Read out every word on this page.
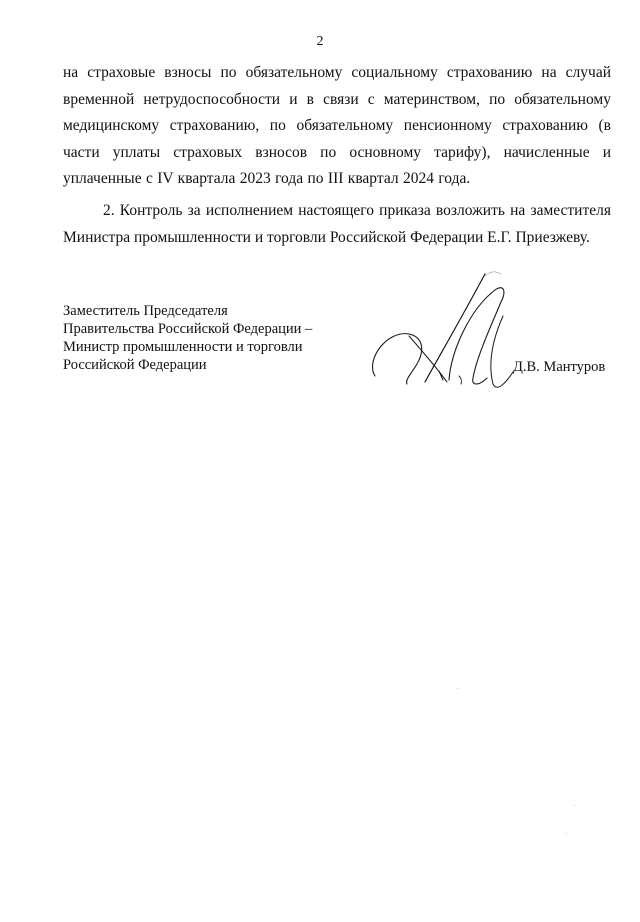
2

на страховые взносы по обязательному социальному страхованию на случай временной нетрудоспособности и в связи с материнством, по обязательному медицинскому страхованию, по обязательному пенсионному страхованию (в части уплаты страховых взносов по основному тарифу), начисленные и уплаченные с IV квартала 2023 года по III квартал 2024 года.

2. Контроль за исполнением настоящего приказа возложить на заместителя Министра промышленности и торговли Российской Федерации Е.Г. Приезжеву.

Заместитель Председателя
Правительства Российской Федерации –
Министр промышленности и торговли
Российской Федерации	Д.В. Мантуров
